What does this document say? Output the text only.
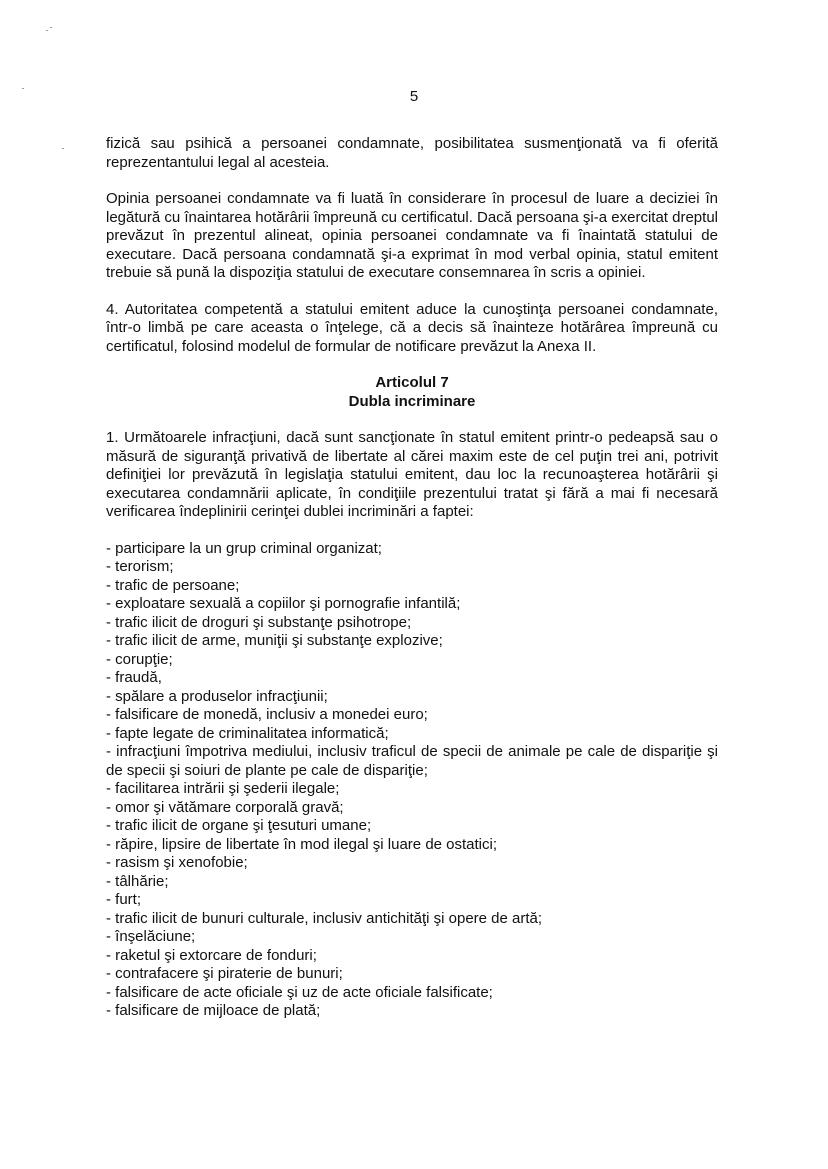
5

fizică sau psihică a persoanei condamnate, posibilitatea susmenţionată va fi oferită reprezentantului legal al acesteia.

Opinia persoanei condamnate va fi luată în considerare în procesul de luare a deciziei în legătură cu înaintarea hotărârii împreună cu certificatul. Dacă persoana şi-a exercitat dreptul prevăzut în prezentul alineat, opinia persoanei condamnate va fi înaintată statului de executare. Dacă persoana condamnată şi-a exprimat în mod verbal opinia, statul emitent trebuie să pună la dispoziţia statului de executare consemnarea în scris a opiniei.

4. Autoritatea competentă a statului emitent aduce la cunoştinţa persoanei condamnate, într-o limbă pe care aceasta o înţelege, că a decis să înainteze hotărârea împreună cu certificatul, folosind modelul de formular de notificare prevăzut la Anexa II.

Articolul 7
Dubla incriminare

1. Următoarele infracţiuni, dacă sunt sancţionate în statul emitent printr-o pedeapsă sau o măsură de siguranţă privativă de libertate al cărei maxim este de cel puţin trei ani, potrivit definiţiei lor prevăzută în legislaţia statului emitent, dau loc la recunoaşterea hotărârii şi executarea condamnării aplicate, în condiţiile prezentului tratat şi fără a mai fi necesară verificarea îndeplinirii cerinţei dublei incriminări a faptei:

- participare la un grup criminal organizat;
- terorism;
- trafic de persoane;
- exploatare sexuală a copiilor şi pornografie infantilă;
- trafic ilicit de droguri şi substanţe psihotrope;
- trafic ilicit de arme, muniţii şi substanţe explozive;
- corupţie;
- fraudă,
- spălare a produselor infracţiunii;
- falsificare de monedă, inclusiv a monedei euro;
- fapte legate de criminalitatea informatică;
- infracţiuni împotriva mediului, inclusiv traficul de specii de animale pe cale de dispariţie şi de specii şi soiuri de plante pe cale de dispariţie;
- facilitarea intrării şi şederii ilegale;
- omor şi vătămare corporală gravă;
- trafic ilicit de organe şi ţesuturi umane;
- răpire, lipsire de libertate în mod ilegal şi luare de ostatici;
- rasism şi xenofobie;
- tâlhărie;
- furt;
- trafic ilicit de bunuri culturale, inclusiv antichităţi şi opere de artă;
- înşelăciune;
- raketul şi extorcare de fonduri;
- contrafacere şi piraterie de bunuri;
- falsificare de acte oficiale şi uz de acte oficiale falsificate;
- falsificare de mijloace de plată;
